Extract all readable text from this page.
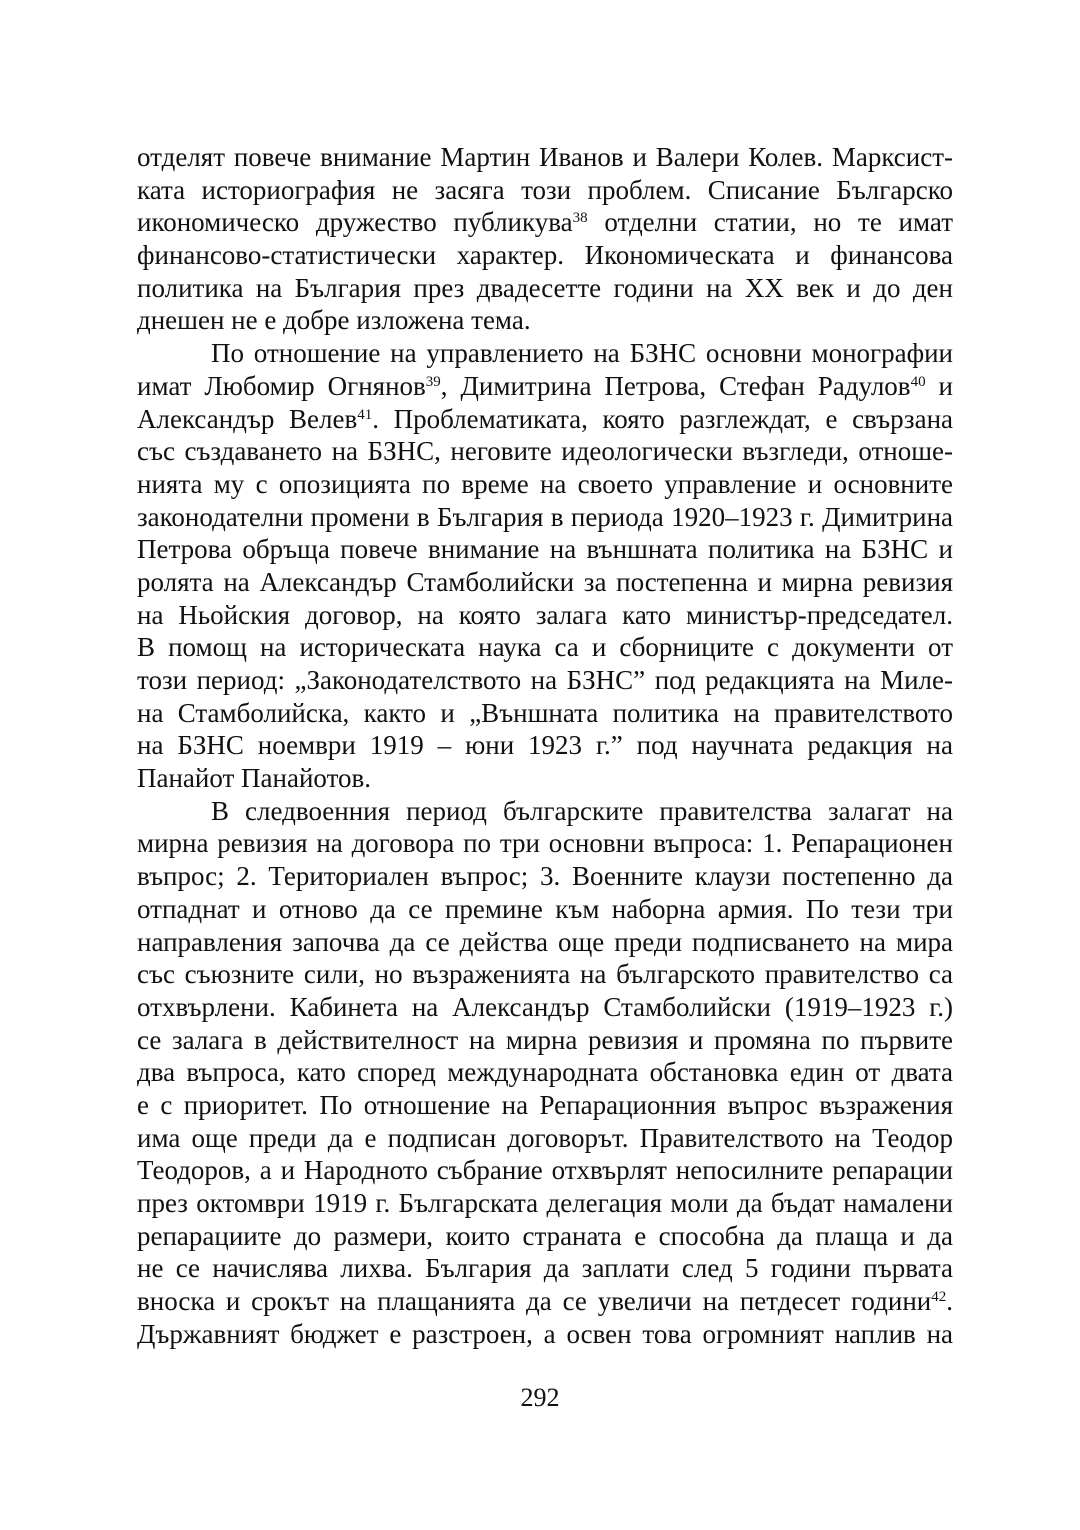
отделят повече внимание Мартин Иванов и Валери Колев. Марксист-
ката историография не засяга този проблем. Списание Българско
икономическо дружество публикува$^{38}$ отделни статии, но те имат
финансово-статистически характер. Икономическата и финансова
политика на България през двадесетте години на XX век и до ден
днешен не е добре изложена тема.
По отношение на управлението на БЗНС основни монографии
имат Любомир Огнянов$^{39}$, Димитрина Петрова, Стефан Радулов$^{40}$ и
Александър Велев$^{41}$. Проблематиката, която разглеждат, е свързана
със създаването на БЗНС, неговите идеологически възгледи, отноше-
нията му с опозицията по време на своето управление и основните
законодателни промени в България в периода 1920–1923 г. Димитрина
Петрова обръща повече внимание на външната политика на БЗНС и
ролята на Александър Стамболийски за постепенна и мирна ревизия
на Ньойския договор, на която залага като министър-председател.
В помощ на историческата наука са и сборниците с документи от
този период: „Законодателството на БЗНС” под редакцията на Миле-
на Стамболийска, както и „Външната политика на правителството
на БЗНС ноември 1919 – юни 1923 г.” под научната редакция на
Панайот Панайотов.
В следвоенния период българските правителства залагат на
мирна ревизия на договора по три основни въпроса: 1. Репарационен
въпрос; 2. Териториален въпрос; 3. Военните клаузи постепенно да
отпаднат и отново да се премине към наборна армия. По тези три
направления започва да се действа още преди подписването на мира
със съюзните сили, но възраженията на българското правителство са
отхвърлени. Кабинета на Александър Стамболийски (1919–1923 г.)
се залага в действителност на мирна ревизия и промяна по първите
два въпроса, като според международната обстановка един от двата
е с приоритет. По отношение на Репарационния въпрос възражения
има още преди да е подписан договорът. Правителството на Теодор
Теодоров, а и Народното събрание отхвърлят непосилните репарации
през октомври 1919 г. Българската делегация моли да бъдат намалени
репарациите до размери, които страната е способна да плаща и да
не се начислява лихва. България да заплати след 5 години първата
вноска и срокът на плащанията да се увеличи на петдесет години$^{42}$.
Държавният бюджет е разстроен, а освен това огромният наплив на
292
